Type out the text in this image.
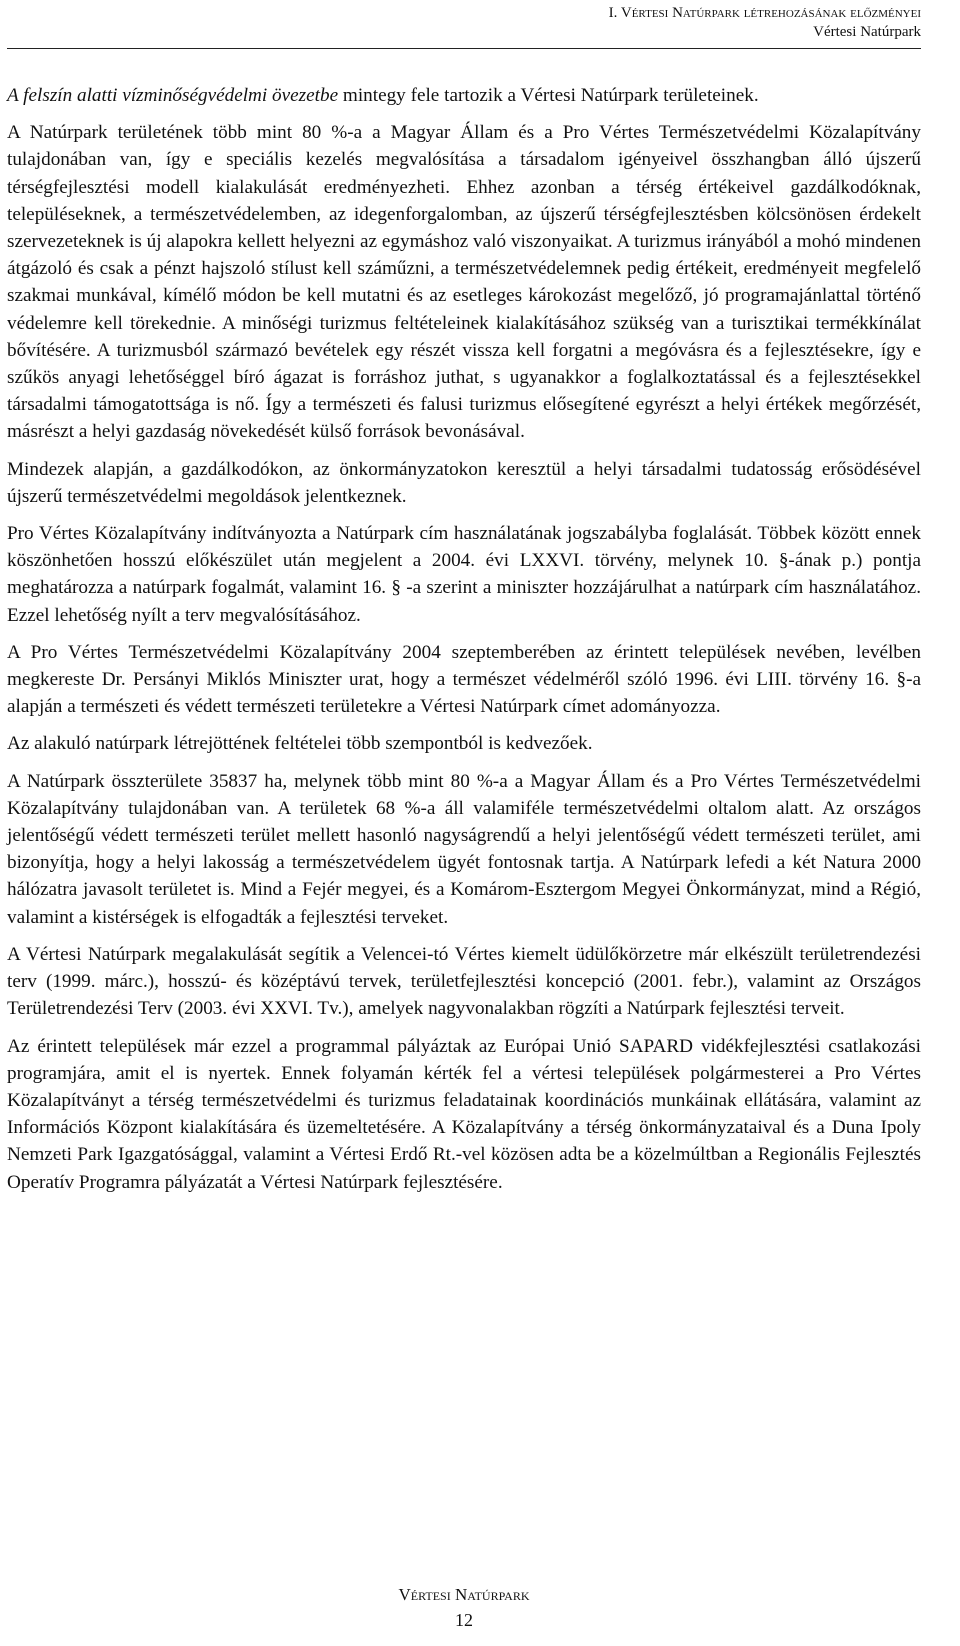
I. Vértesi Natúrpark létrehozásának előzményei
Vértesi Natúrpark

A felszín alatti vízminőségvédelmi övezetbe mintegy fele tartozik a Vértesi Natúrpark területeinek.

A Natúrpark területének több mint 80 %-a a Magyar Állam és a Pro Vértes Természetvédelmi Közalapítvány tulajdonában van, így e speciális kezelés megvalósítása a társadalom igényeivel összhangban álló újszerű térségfejlesztési modell kialakulását eredményezheti. Ehhez azonban a térség értékeivel gazdálkodóknak, településeknek, a természetvédelemben, az idegenforgalomban, az újszerű térségfejlesztésben kölcsönösen érdekelt szervezeteknek is új alapokra kellett helyezni az egymáshoz való viszonyaikat. A turizmus irányából a mohó mindenen átgázoló és csak a pénzt hajszoló stílust kell száműzni, a természetvédelemnek pedig értékeit, eredményeit megfelelő szakmai munkával, kímélő módon be kell mutatni és az esetleges károkozást megelőző, jó programajánlattal történő védelemre kell törekednie. A minőségi turizmus feltételeinek kialakításához szükség van a turisztikai termékkínálat bővítésére. A turizmusból származó bevételek egy részét vissza kell forgatni a megóvásra és a fejlesztésekre, így e szűkös anyagi lehetőséggel bíró ágazat is forráshoz juthat, s ugyanakkor a foglalkoztatással és a fejlesztésekkel társadalmi támogatottsága is nő. Így a természeti és falusi turizmus elősegítené egyrészt a helyi értékek megőrzését, másrészt a helyi gazdaság növekedését külső források bevonásával.

Mindezek alapján, a gazdálkodókon, az önkormányzatokon keresztül a helyi társadalmi tudatosság erősödésével újszerű természetvédelmi megoldások jelentkeznek.

Pro Vértes Közalapítvány indítványozta a Natúrpark cím használatának jogszabályba foglalását. Többek között ennek köszönhetően hosszú előkészület után megjelent a 2004. évi LXXVI. törvény, melynek 10. §-ának p.) pontja meghatározza a natúrpark fogalmát, valamint 16. § -a szerint a miniszter hozzájárulhat a natúrpark cím használatához. Ezzel lehetőség nyílt a terv megvalósításához.

A Pro Vértes Természetvédelmi Közalapítvány 2004 szeptemberében az érintett települések nevében, levélben megkereste Dr. Persányi Miklós Miniszter urat, hogy a természet védelméről szóló 1996. évi LIII. törvény 16. §-a alapján a természeti és védett természeti területekre a Vértesi Natúrpark címet adományozza.

Az alakuló natúrpark létrejöttének feltételei több szempontból is kedvezőek.

A Natúrpark összterülete 35837 ha, melynek több mint 80 %-a a Magyar Állam és a Pro Vértes Természetvédelmi Közalapítvány tulajdonában van. A területek 68 %-a áll valamiféle természetvédelmi oltalom alatt. Az országos jelentőségű védett természeti terület mellett hasonló nagyságrendű a helyi jelentőségű védett természeti terület, ami bizonyítja, hogy a helyi lakosság a természetvédelem ügyét fontosnak tartja. A Natúrpark lefedi a két Natura 2000 hálózatra javasolt területet is. Mind a Fejér megyei, és a Komárom-Esztergom Megyei Önkormányzat, mind a Régió, valamint a kistérségek is elfogadták a fejlesztési terveket.

A Vértesi Natúrpark megalakulását segítik a Velencei-tó Vértes kiemelt üdülőkörzetre már elkészült területrendezési terv (1999. márc.), hosszú- és középtávú tervek, területfejlesztési koncepció (2001. febr.), valamint az Országos Területrendezési Terv (2003. évi XXVI. Tv.), amelyek nagyvonalakban rögzíti a Natúrpark fejlesztési terveit.

Az érintett települések már ezzel a programmal pályáztak az Európai Unió SAPARD vidékfejlesztési csatlakozási programjára, amit el is nyertek. Ennek folyamán kérték fel a vértesi települések polgármesterei a Pro Vértes Közalapítványt a térség természetvédelmi és turizmus feladatainak koordinációs munkáinak ellátására, valamint az Információs Központ kialakítására és üzemeltetésére. A Közalapítvány a térség önkormányzataival és a Duna Ipoly Nemzeti Park Igazgatósággal, valamint a Vértesi Erdő Rt.-vel közösen adta be a közelmúltban a Regionális Fejlesztés Operatív Programra pályázatát a Vértesi Natúrpark fejlesztésére.

Vértesi Natúrpark
12
